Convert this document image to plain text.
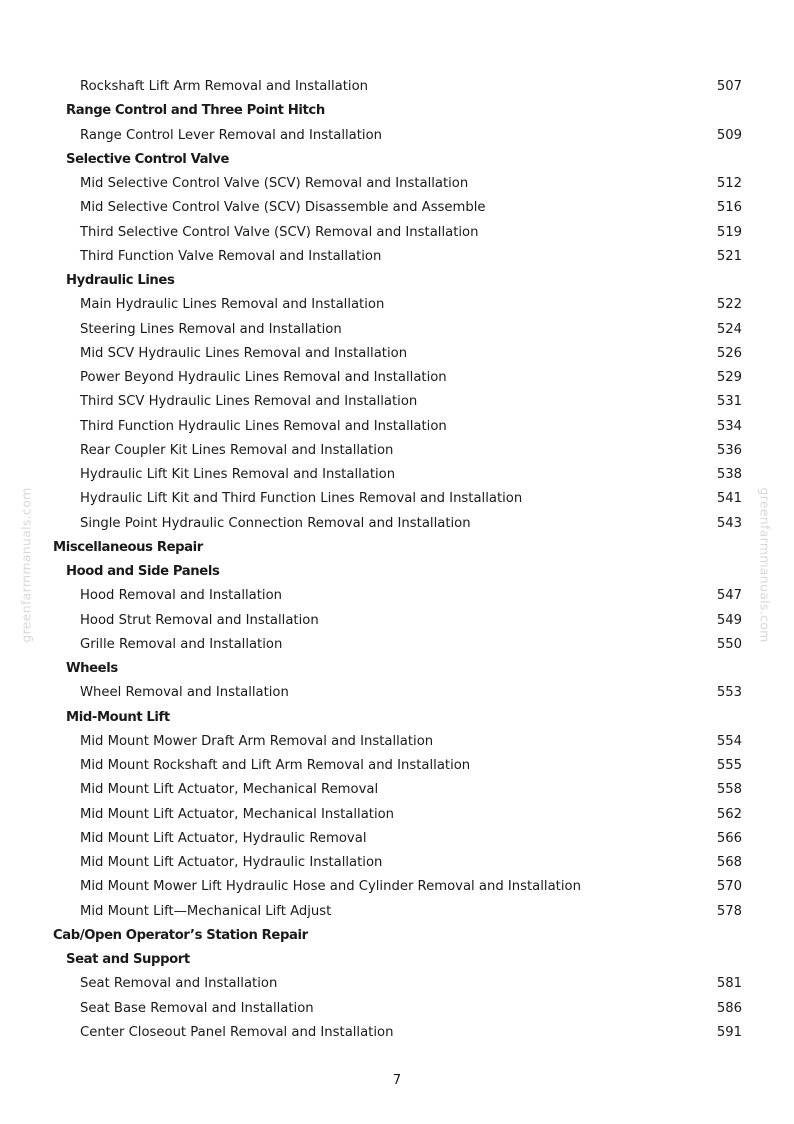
greenfarmmanuals.com	greenfarmmanuals.com
Rockshaft Lift Arm Removal and Installation	507
Range Control and Three Point Hitch
Range Control Lever Removal and Installation	509
Selective Control Valve
Mid Selective Control Valve (SCV) Removal and Installation	512
Mid Selective Control Valve (SCV) Disassemble and Assemble	516
Third Selective Control Valve (SCV) Removal and Installation	519
Third Function Valve Removal and Installation	521
Hydraulic Lines
Main Hydraulic Lines Removal and Installation	522
Steering Lines Removal and Installation	524
Mid SCV Hydraulic Lines Removal and Installation	526
Power Beyond Hydraulic Lines Removal and Installation	529
Third SCV Hydraulic Lines Removal and Installation	531
Third Function Hydraulic Lines Removal and Installation	534
Rear Coupler Kit Lines Removal and Installation	536
Hydraulic Lift Kit Lines Removal and Installation	538
Hydraulic Lift Kit and Third Function Lines Removal and Installation	541
Single Point Hydraulic Connection Removal and Installation	543
Miscellaneous Repair
Hood and Side Panels
Hood Removal and Installation	547
Hood Strut Removal and Installation	549
Grille Removal and Installation	550
Wheels
Wheel Removal and Installation	553
Mid-Mount Lift
Mid Mount Mower Draft Arm Removal and Installation	554
Mid Mount Rockshaft and Lift Arm Removal and Installation	555
Mid Mount Lift Actuator, Mechanical Removal	558
Mid Mount Lift Actuator, Mechanical Installation	562
Mid Mount Lift Actuator, Hydraulic Removal	566
Mid Mount Lift Actuator, Hydraulic Installation	568
Mid Mount Mower Lift Hydraulic Hose and Cylinder Removal and Installation	570
Mid Mount Lift—Mechanical Lift Adjust	578
Cab/Open Operator’s Station Repair
Seat and Support
Seat Removal and Installation	581
Seat Base Removal and Installation	586
Center Closeout Panel Removal and Installation	591
7
